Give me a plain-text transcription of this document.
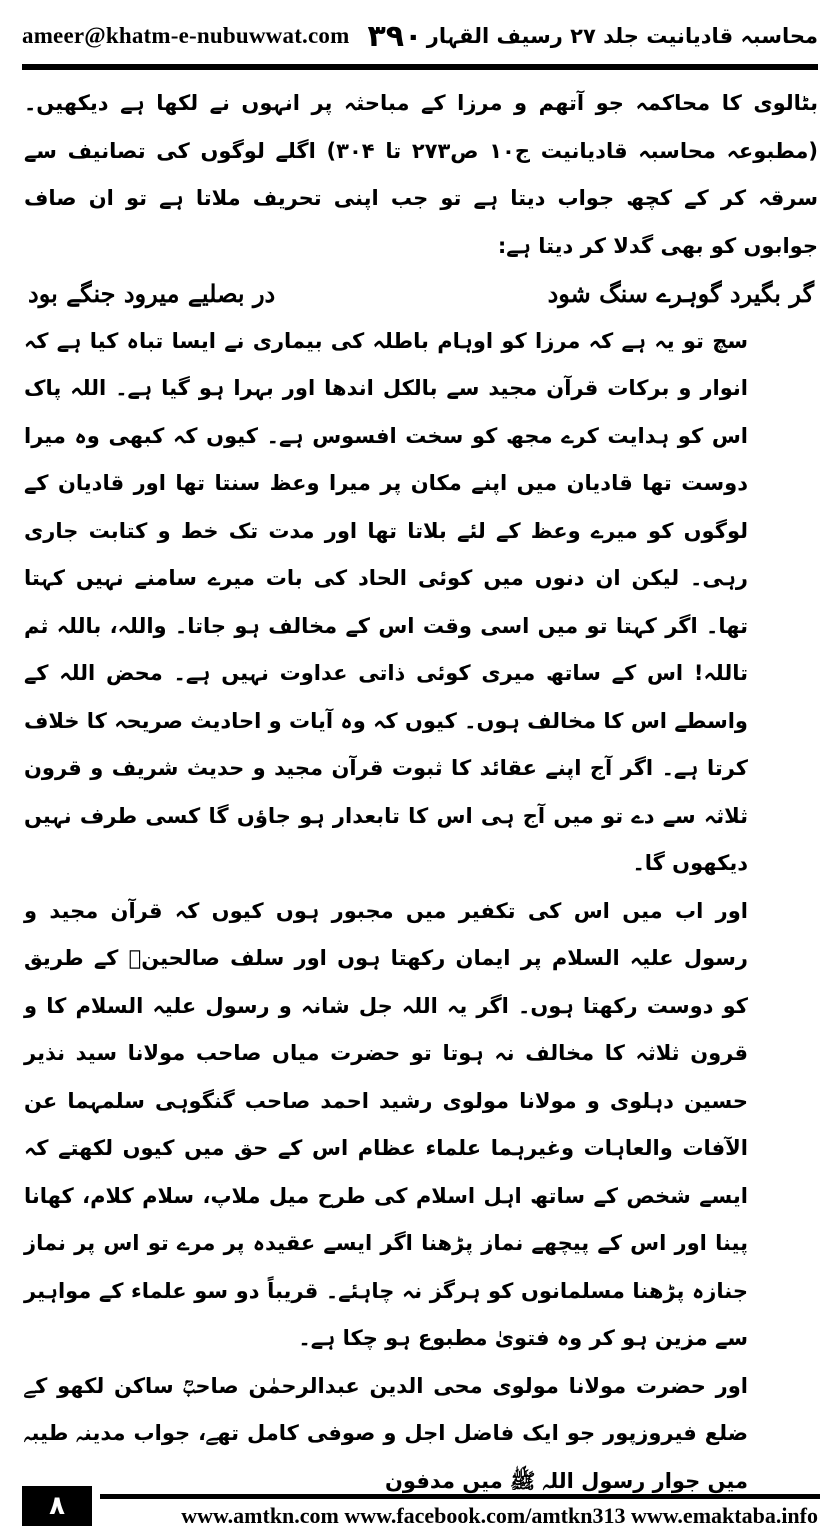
ameer@khatm-e-nubuwwat.com ٣٩٠ محاسبہ قادیانیت جلد ۲۷ رسیف القہار

بٹالوی کا محاکمہ جو آتھم و مرزا کے مباحثہ پر انہوں نے لکھا ہے دیکھیں۔ (مطبوعہ محاسبہ قادیانیت ج۱۰ ص۲۷۳ تا ۳۰۴) اگلے لوگوں کی تصانیف سے سرقہ کر کے کچھ جواب دیتا ہے تو جب اپنی تحریف ملاتا ہے تو ان صاف جوابوں کو بھی گدلا کر دیتا ہے:

گر بگیرد گوہرے سنگ شود
در بصلیے میرود جنگے بود

سچ تو یہ ہے کہ مرزا کو اوہام باطلہ کی بیماری نے ایسا تباہ کیا ہے کہ انوار و برکات قرآن مجید سے بالکل اندھا اور بہرا ہو گیا ہے۔ اللہ پاک اس کو ہدایت کرے مجھ کو سخت افسوس ہے۔ کیوں کہ کبھی وہ میرا دوست تھا قادیان میں اپنے مکان پر میرا وعظ سنتا تھا اور قادیان کے لوگوں کو میرے وعظ کے لئے بلاتا تھا اور مدت تک خط و کتابت جاری رہی۔ لیکن ان دنوں میں کوئی الحاد کی بات میرے سامنے نہیں کہتا تھا۔ اگر کہتا تو میں اسی وقت اس کے مخالف ہو جاتا۔ واللہ، باللہ ثم تاللہ! اس کے ساتھ میری کوئی ذاتی عداوت نہیں ہے۔ محض اللہ کے واسطے اس کا مخالف ہوں۔ کیوں کہ وہ آیات و احادیث صریحہ کا خلاف کرتا ہے۔ اگر آج اپنے عقائد کا ثبوت قرآن مجید و حدیث شریف و قرون ثلاثہ سے دے تو میں آج ہی اس کا تابعدار ہو جاؤں گا کسی طرف نہیں دیکھوں گا۔

اور اب میں اس کی تکفیر میں مجبور ہوں کیوں کہ قرآن مجید و رسول علیہ السلام پر ایمان رکھتا ہوں اور سلف صالحینؒ کے طریق کو دوست رکھتا ہوں۔ اگر یہ اللہ جل شانہ و رسول علیہ السلام کا و قرون ثلاثہ کا مخالف نہ ہوتا تو حضرت میاں صاحب مولانا سید نذیر حسین دہلوی و مولانا مولوی رشید احمد صاحب گنگوہی سلمہما عن الآفات والعاہات وغیرہما علماء عظام اس کے حق میں کیوں لکھتے کہ ایسے شخص کے ساتھ اہل اسلام کی طرح میل ملاپ، سلام کلام، کھانا پینا اور اس کے پیچھے نماز پڑھنا اگر ایسے عقیدہ پر مرے تو اس پر نماز جنازہ پڑھنا مسلمانوں کو ہرگز نہ چاہئے۔ قریباً دو سو علماء کے مواہیر سے مزین ہو کر وہ فتویٰ مطبوع ہو چکا ہے۔

اور حضرت مولانا مولوی محی الدین عبدالرحمٰن صاحبؒ ساکن لکھو کے ضلع فیروزپور جو ایک فاضل اجل و صوفی کامل تھے، جواب مدینہ طیبہ میں جوار رسول اللہ ﷺ میں مدفون

٨	www.amtkn.com www.facebook.com/amtkn313 www.emaktaba.info
